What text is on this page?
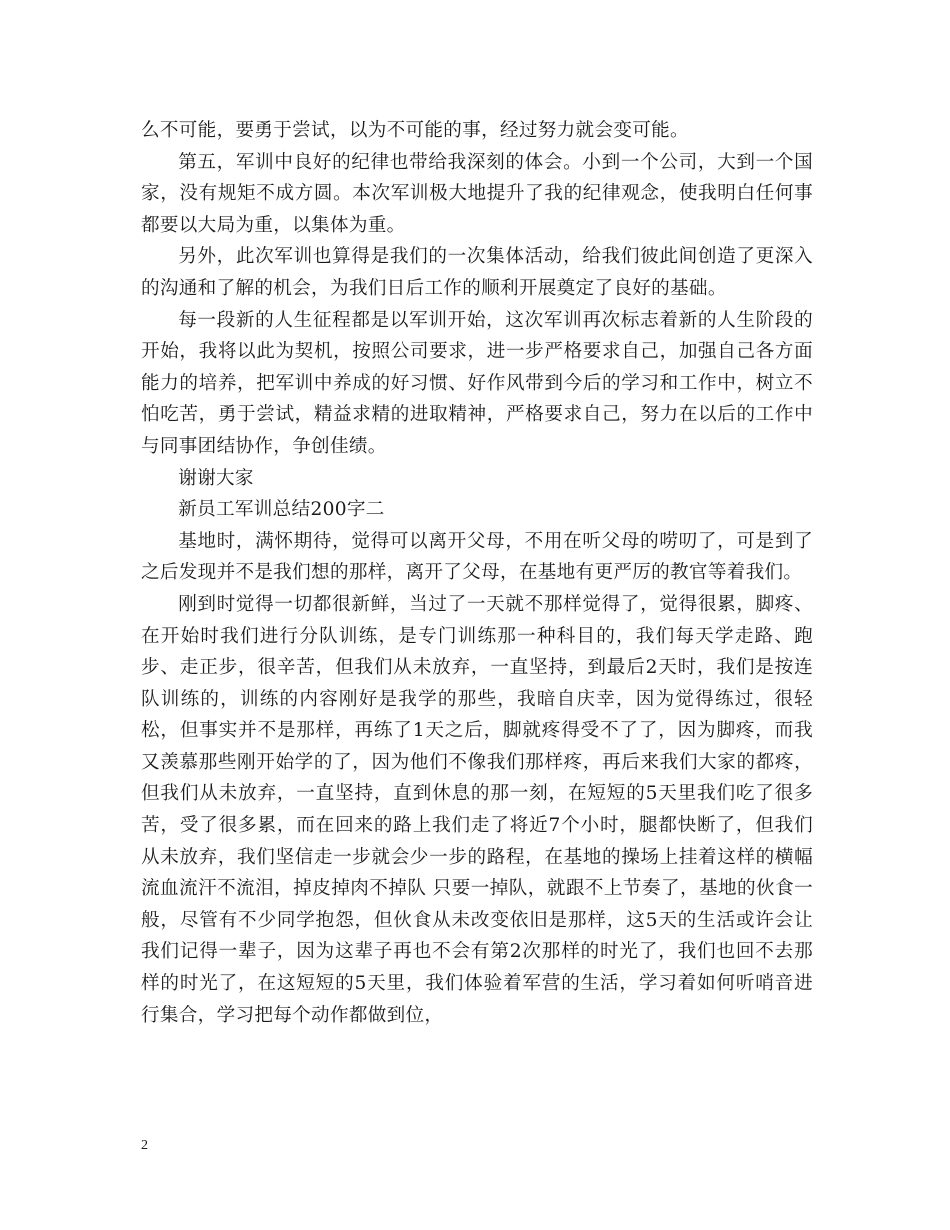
么不可能，要勇于尝试，以为不可能的事，经过努力就会变可能。

第五，军训中良好的纪律也带给我深刻的体会。小到一个公司，大到一个国家，没有规矩不成方圆。本次军训极大地提升了我的纪律观念，使我明白任何事都要以大局为重，以集体为重。

另外，此次军训也算得是我们的一次集体活动，给我们彼此间创造了更深入的沟通和了解的机会，为我们日后工作的顺利开展奠定了良好的基础。

每一段新的人生征程都是以军训开始，这次军训再次标志着新的人生阶段的开始，我将以此为契机，按照公司要求，进一步严格要求自己，加强自己各方面能力的培养，把军训中养成的好习惯、好作风带到今后的学习和工作中，树立不怕吃苦，勇于尝试，精益求精的进取精神，严格要求自己，努力在以后的工作中与同事团结协作，争创佳绩。

谢谢大家

新员工军训总结200字二

基地时，满怀期待，觉得可以离开父母，不用在听父母的唠叨了，可是到了之后发现并不是我们想的那样，离开了父母，在基地有更严厉的教官等着我们。

刚到时觉得一切都很新鲜，当过了一天就不那样觉得了，觉得很累，脚疼、在开始时我们进行分队训练，是专门训练那一种科目的，我们每天学走路、跑步、走正步，很辛苦，但我们从未放弃，一直坚持，到最后2天时，我们是按连队训练的，训练的内容刚好是我学的那些，我暗自庆幸，因为觉得练过，很轻松，但事实并不是那样，再练了1天之后，脚就疼得受不了了，因为脚疼，而我又羡慕那些刚开始学的了，因为他们不像我们那样疼，再后来我们大家的都疼，但我们从未放弃，一直坚持，直到休息的那一刻，在短短的5天里我们吃了很多苦，受了很多累，而在回来的路上我们走了将近7个小时，腿都快断了，但我们从未放弃，我们坚信走一步就会少一步的路程，在基地的操场上挂着这样的横幅 流血流汗不流泪，掉皮掉肉不掉队 只要一掉队，就跟不上节奏了，基地的伙食一般，尽管有不少同学抱怨，但伙食从未改变依旧是那样，这5天的生活或许会让我们记得一辈子，因为这辈子再也不会有第2次那样的时光了，我们也回不去那样的时光了，在这短短的5天里，我们体验着军营的生活，学习着如何听哨音进行集合，学习把每个动作都做到位，

2
